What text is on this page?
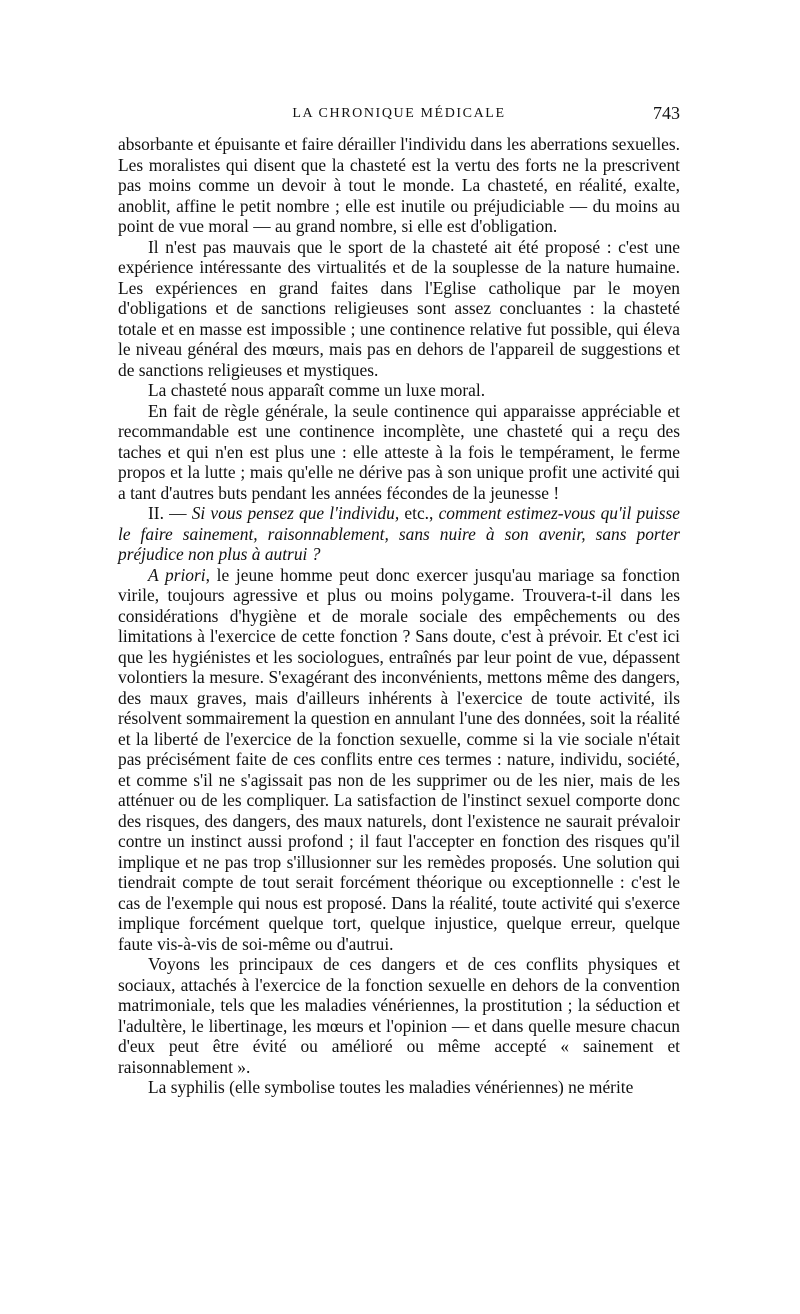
LA CHRONIQUE MÉDICALE	743

absorbante et épuisante et faire dérailler l'individu dans les aberrations sexuelles. Les moralistes qui disent que la chasteté est la vertu des forts ne la prescrivent pas moins comme un devoir à tout le monde. La chasteté, en réalité, exalte, anoblit, affine le petit nombre ; elle est inutile ou préjudiciable — du moins au point de vue moral — au grand nombre, si elle est d'obligation.

Il n'est pas mauvais que le sport de la chasteté ait été proposé : c'est une expérience intéressante des virtualités et de la souplesse de la nature humaine. Les expériences en grand faites dans l'Eglise catholique par le moyen d'obligations et de sanctions religieuses sont assez concluantes : la chasteté totale et en masse est impossible ; une continence relative fut possible, qui éleva le niveau général des mœurs, mais pas en dehors de l'appareil de suggestions et de sanctions religieuses et mystiques.

La chasteté nous apparaît comme un luxe moral.

En fait de règle générale, la seule continence qui apparaisse appréciable et recommandable est une continence incomplète, une chasteté qui a reçu des taches et qui n'en est plus une : elle atteste à la fois le tempérament, le ferme propos et la lutte ; mais qu'elle ne dérive pas à son unique profit une activité qui a tant d'autres buts pendant les années fécondes de la jeunesse !

II. — Si vous pensez que l'individu, etc., comment estimez-vous qu'il puisse le faire sainement, raisonnablement, sans nuire à son avenir, sans porter préjudice non plus à autrui ?

A priori, le jeune homme peut donc exercer jusqu'au mariage sa fonction virile, toujours agressive et plus ou moins polygame. Trouvera-t-il dans les considérations d'hygiène et de morale sociale des empêchements ou des limitations à l'exercice de cette fonction ? Sans doute, c'est à prévoir. Et c'est ici que les hygiénistes et les sociologues, entraînés par leur point de vue, dépassent volontiers la mesure. S'exagérant des inconvénients, mettons même des dangers, des maux graves, mais d'ailleurs inhérents à l'exercice de toute activité, ils résolvent sommairement la question en annulant l'une des données, soit la réalité et la liberté de l'exercice de la fonction sexuelle, comme si la vie sociale n'était pas précisément faite de ces conflits entre ces termes : nature, individu, société, et comme s'il ne s'agissait pas non de les supprimer ou de les nier, mais de les atténuer ou de les compliquer. La satisfaction de l'instinct sexuel comporte donc des risques, des dangers, des maux naturels, dont l'existence ne saurait prévaloir contre un instinct aussi profond ; il faut l'accepter en fonction des risques qu'il implique et ne pas trop s'illusionner sur les remèdes proposés. Une solution qui tiendrait compte de tout serait forcément théorique ou exceptionnelle : c'est le cas de l'exemple qui nous est proposé. Dans la réalité, toute activité qui s'exerce implique forcément quelque tort, quelque injustice, quelque erreur, quelque faute vis-à-vis de soi-même ou d'autrui.

Voyons les principaux de ces dangers et de ces conflits physiques et sociaux, attachés à l'exercice de la fonction sexuelle en dehors de la convention matrimoniale, tels que les maladies vénériennes, la prostitution ; la séduction et l'adultère, le libertinage, les mœurs et l'opinion — et dans quelle mesure chacun d'eux peut être évité ou amélioré ou même accepté « sainement et raisonnablement ».

La syphilis (elle symbolise toutes les maladies vénériennes) ne mérite
